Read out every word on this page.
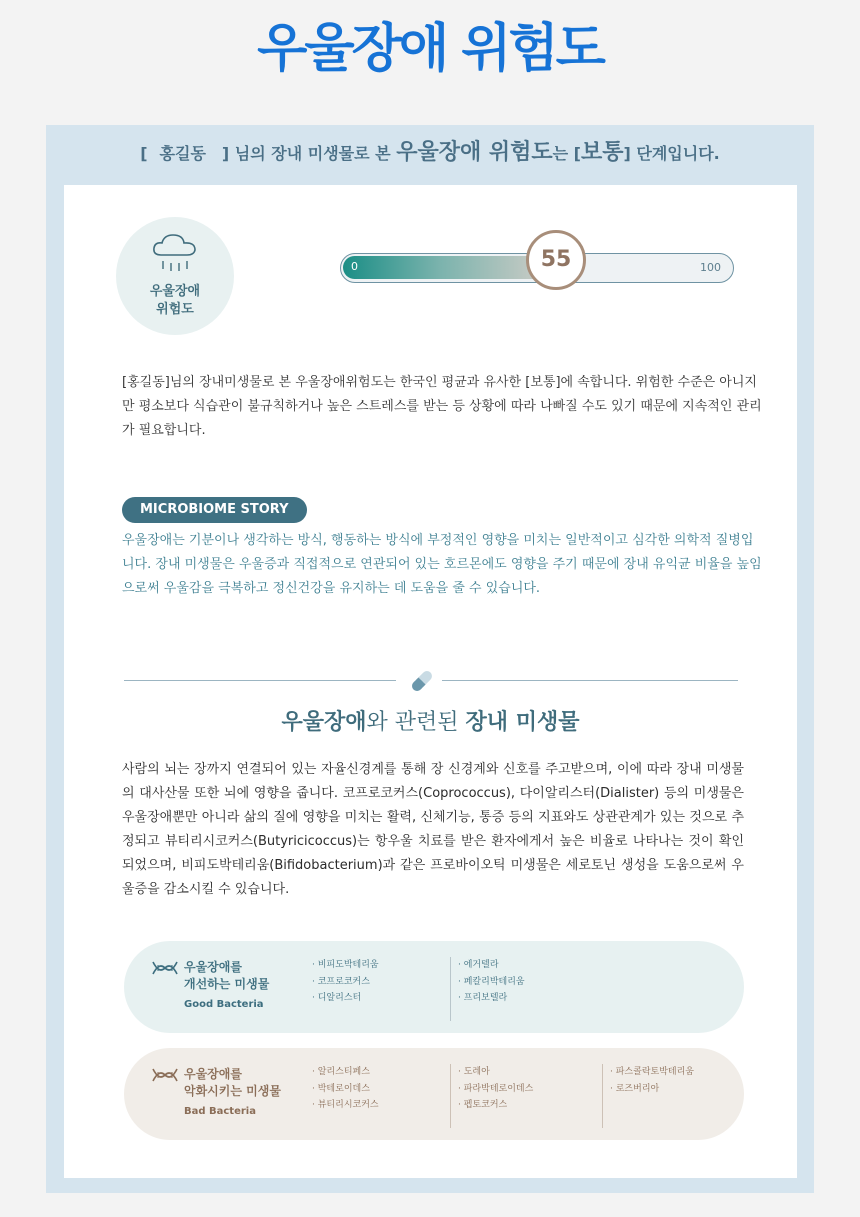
우울장애 위험도
[ 홍길동 ] 님의 장내 미생물로 본 우울장애 위험도는 [보통] 단계입니다.
우울장애
위험도
0	100
55
[홍길동]님의 장내미생물로 본 우울장애위험도는 한국인 평균과 유사한 [보통]에 속합니다. 위험한 수준은 아니지만 평소보다 식습관이 불규칙하거나 높은 스트레스를 받는 등 상황에 따라 나빠질 수도 있기 때문에 지속적인 관리가 필요합니다.
MICROBIOME STORY
우울장애는 기분이나 생각하는 방식, 행동하는 방식에 부정적인 영향을 미치는 일반적이고 심각한 의학적 질병입니다. 장내 미생물은 우울증과 직접적으로 연관되어 있는 호르몬에도 영향을 주기 때문에 장내 유익균 비율을 높임으로써 우울감을 극복하고 정신건강을 유지하는 데 도움을 줄 수 있습니다.
우울장애와 관련된 장내 미생물
사람의 뇌는 장까지 연결되어 있는 자율신경계를 통해 장 신경계와 신호를 주고받으며, 이에 따라 장내 미생물의 대사산물 또한 뇌에 영향을 줍니다. 코프로코커스(Coprococcus), 다이알리스터(Dialister) 등의 미생물은 우울장애뿐만 아니라 삶의 질에 영향을 미치는 활력, 신체기능, 통증 등의 지표와도 상관관계가 있는 것으로 추정되고 뷰티리시코커스(Butyricicoccus)는 항우울 치료를 받은 환자에게서 높은 비율로 나타나는 것이 확인되었으며, 비피도박테리움(Bifidobacterium)과 같은 프로바이오틱 미생물은 세로토닌 생성을 도움으로써 우울증을 감소시킬 수 있습니다.
우울장애를
개선하는 미생물
Good Bacteria
· 비피도박테리움
· 코프로코커스
· 디알리스터
· 에거텔라
· 페칼리박테리움
· 프리보텔라
우울장애를
악화시키는 미생물
Bad Bacteria
· 알리스티페스
· 박테로이데스
· 뷰티리시코커스
· 도레아
· 파라박테로이데스
· 펩토코커스
· 파스콜락토박테리움
· 로즈버리아
